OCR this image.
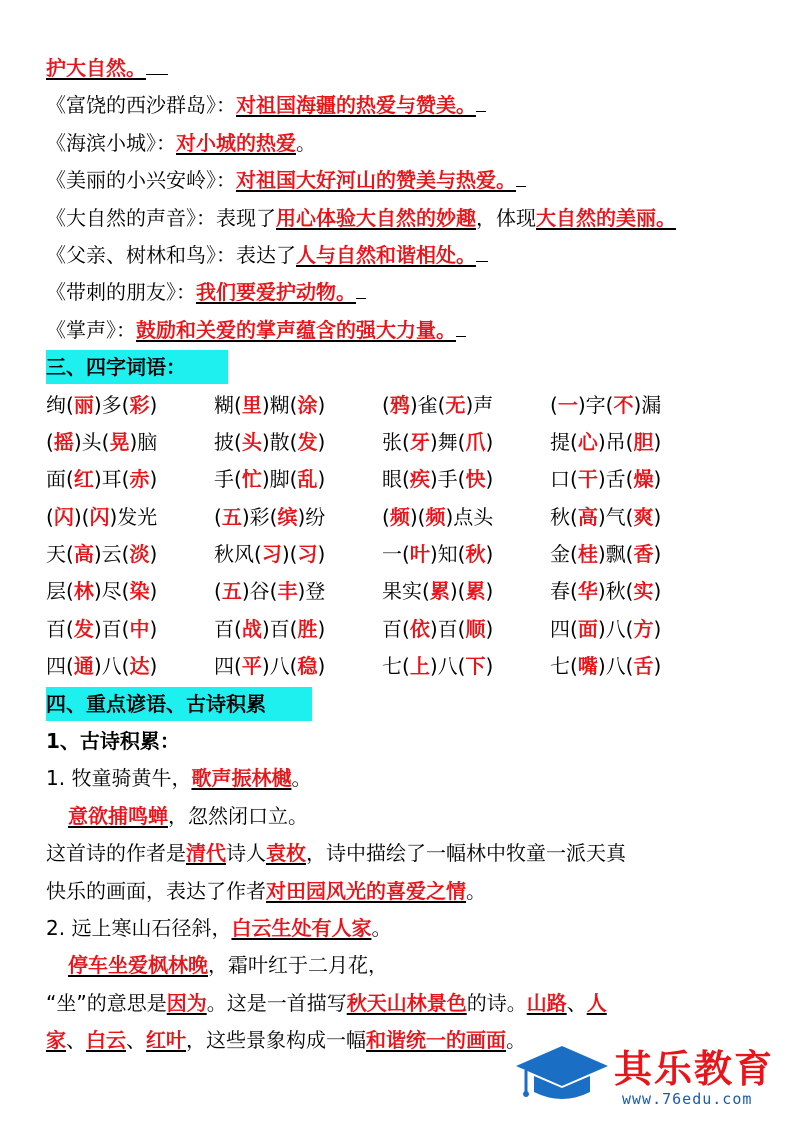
护大自然。
《富饶的西沙群岛》：对祖国海疆的热爱与赞美。
《海滨小城》：对小城的热爱。
《美丽的小兴安岭》：对祖国大好河山的赞美与热爱。
《大自然的声音》：表现了用心体验大自然的妙趣，体现大自然的美丽。
《父亲、树林和鸟》：表达了人与自然和谐相处。
《带刺的朋友》：我们要爱护动物。
《掌声》：鼓励和关爱的掌声蕴含的强大力量。
三、四字词语：
绚(丽)多(彩)	糊(里)糊(涂)	(鸦)雀(无)声	(一)字(不)漏
(摇)头(晃)脑	披(头)散(发)	张(牙)舞(爪)	提(心)吊(胆)
面(红)耳(赤)	手(忙)脚(乱)	眼(疾)手(快)	口(干)舌(燥)
(闪)(闪)发光	(五)彩(缤)纷	(频)(频)点头	秋(高)气(爽)
天(高)云(淡)	秋风(习)(习)	一(叶)知(秋)	金(桂)飘(香)
层(林)尽(染)	(五)谷(丰)登	果实(累)(累)	春(华)秋(实)
百(发)百(中)	百(战)百(胜)	百(依)百(顺)	四(面)八(方)
四(通)八(达)	四(平)八(稳)	七(上)八(下)	七(嘴)八(舌)
四、重点谚语、古诗积累
1、古诗积累：
1. 牧童骑黄牛，歌声振林樾。
意欲捕鸣蝉，忽然闭口立。
这首诗的作者是清代诗人袁枚，诗中描绘了一幅林中牧童一派天真
快乐的画面，表达了作者对田园风光的喜爱之情。
2. 远上寒山石径斜，白云生处有人家。
停车坐爱枫林晚，霜叶红于二月花，
“坐”的意思是因为。这是一首描写秋天山林景色的诗。山路、人
家、白云、红叶，这些景象构成一幅和谐统一的画面。
其乐教育
www.76edu.com
